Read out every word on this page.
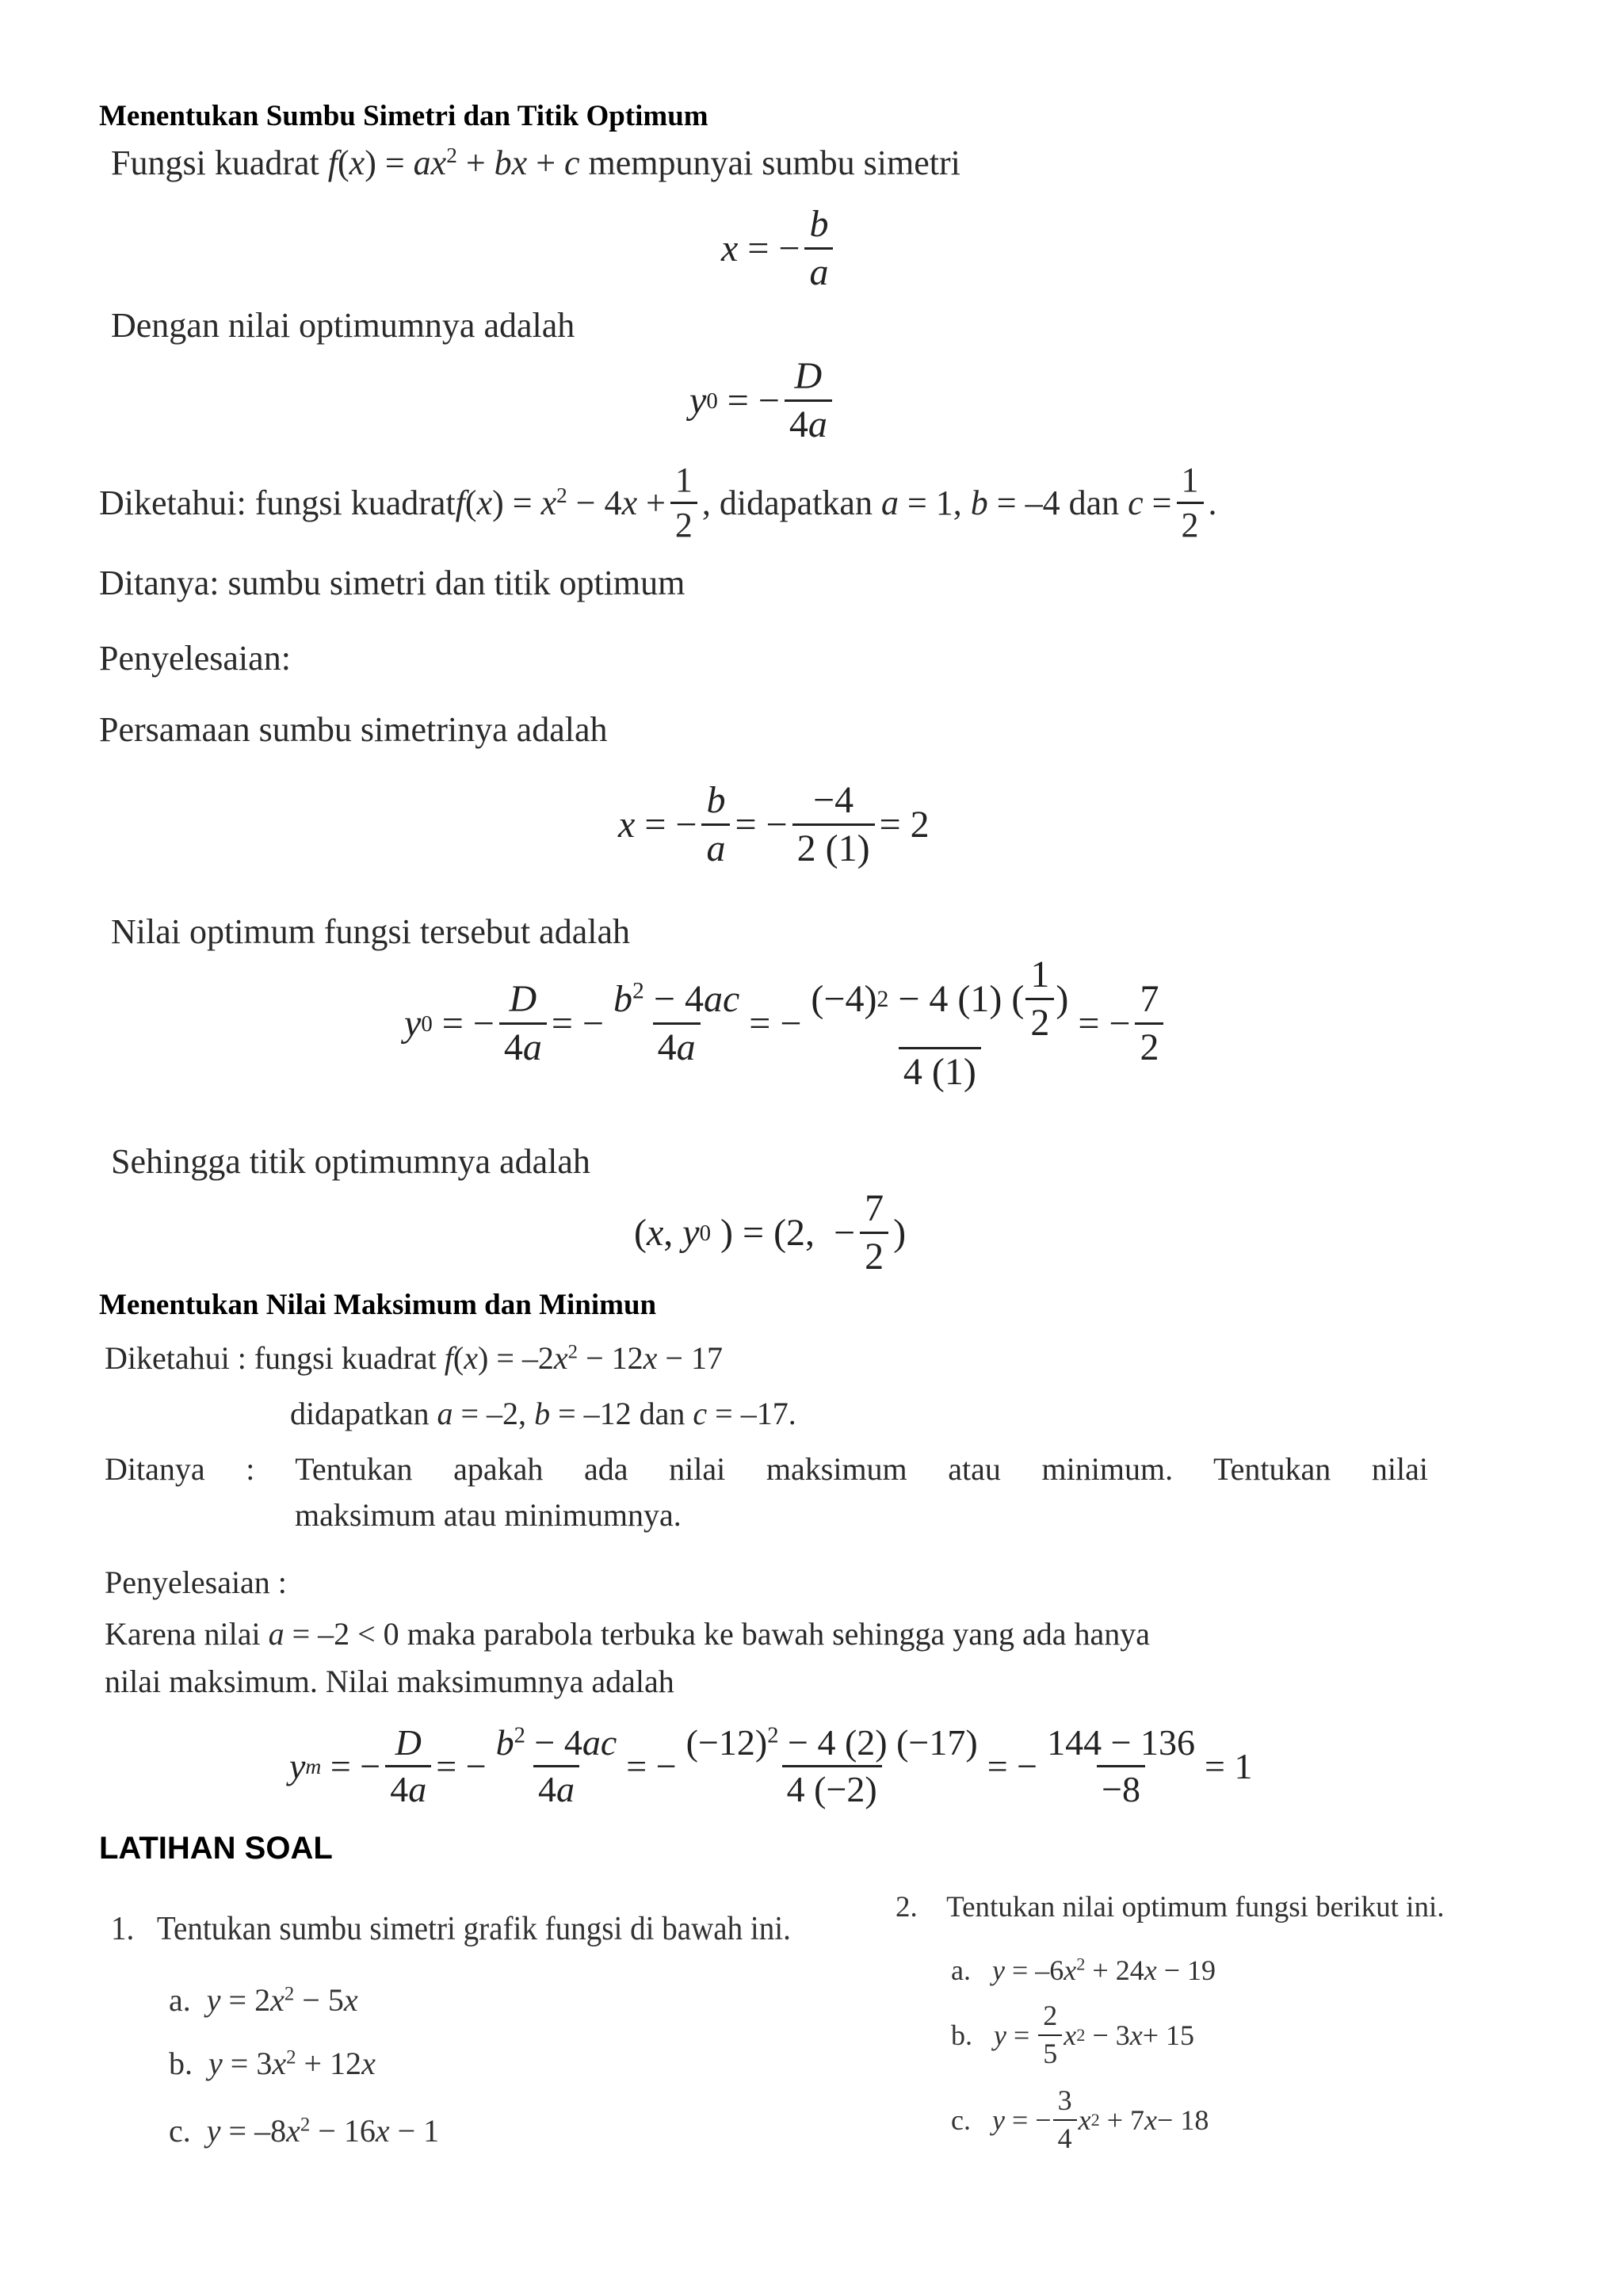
Menentukan Sumbu Simetri dan Titik Optimum
Fungsi kuadrat $f(x) = ax^2$ + bx + c mempunyai sumbu simetri
x = − $\frac{b}{a}$
Dengan nilai optimumnya adalah
y 0 = − $\frac{D}{4a}$
Diketahui: fungsi kuadrat $f(x) = x^2 - 4x + \frac{1}{2}$ , didapatkan a = 1, b = –4 dan $c = \frac{1}{2}$ .
Ditanya: sumbu simetri dan titik optimum
Penyelesaian:
Persamaan sumbu simetrinya adalah
x = − $\frac{b}{a}$ = − $\frac{-4}{2 (1)} = 2$
Nilai optimum fungsi tersebut adalah
y 0 = − $\frac{D}{4a}$ = − $\frac{b^2 - 4ac}{4a}$ = − $\frac{(-4) 2 - 4 (1) ( \frac{1}{2} )}{4 (1)}$ = − $\frac{7}{2}$
Sehingga titik optimumnya adalah
( x , y 0 ) = (2,  − $\frac{7}{2}$ )
Menentukan Nilai Maksimum dan Minimun
Diketahui : fungsi kuadrat $f(x) = -2x^2 - 12x - 17$
didapatkan a = –2, b = –12 dan c = –17.
Ditanya : Tentukan apakah ada nilai maksimum atau minimum. Tentukan nilai
maksimum atau minimumnya.
Penyelesaian :
Karena nilai a = –2 < 0 maka parabola terbuka ke bawah sehingga yang ada hanya
nilai maksimum. Nilai maksimumnya adalah
y m = − $\frac{D}{4a}$ = − $\frac{b^2 - 4ac}{4a}$ = − $\frac{(-12)^2 - 4 (2) (-17)}{4 (-2)}$ = − $\frac{144 - 136}{-8} = 1$
LATIHAN SOAL
1. Tentukan sumbu simetri grafik fungsi di bawah ini.
a. $y = 2x^2 - 5x$
b. $y = 3x^2 + 12x$
c. $y = -8x^2 - 16x - 1$
2. Tentukan nilai optimum fungsi berikut ini.
a. $y = -6x^2 + 24x - 19$
b.
$y = \frac{2}{5}$ x 2 − 3 x + 15
c.
y = − $\frac{3}{4}$ x 2 + 7 x − 18
